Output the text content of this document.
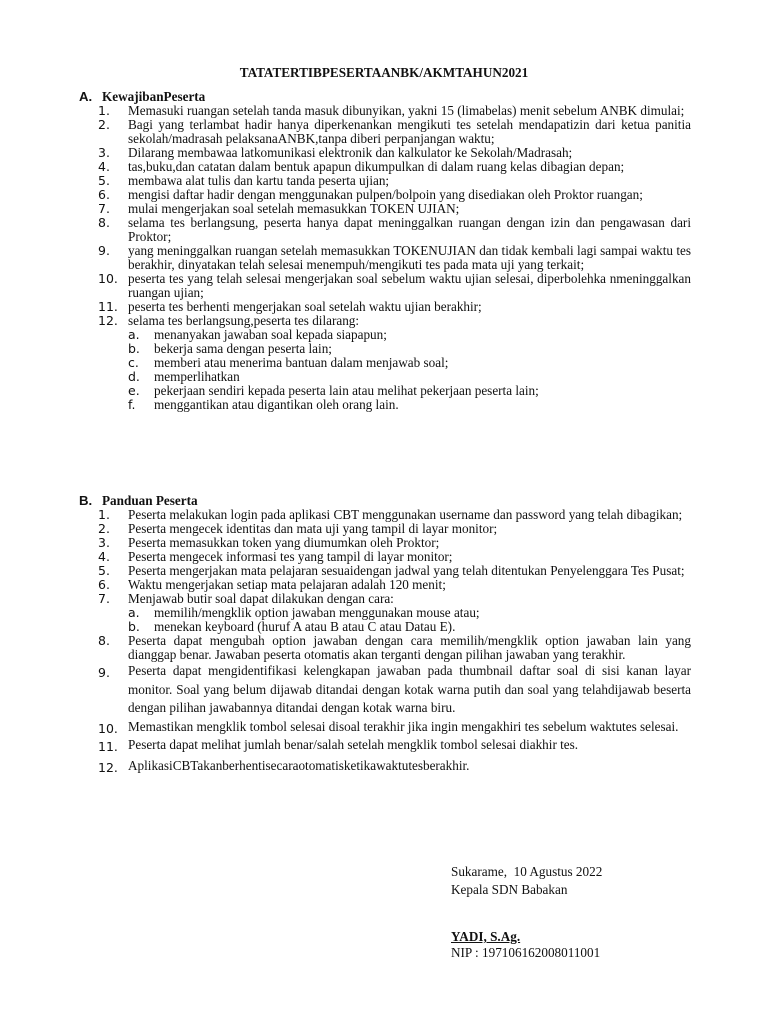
TATATERTIBPESERTAANBK/AKMTAHUN2021
A. KewajibanPeserta
1.	Memasuki ruangan setelah tanda masuk dibunyikan, yakni 15 (limabelas) menit sebelum ANBK dimulai;
2.	Bagi yang terlambat hadir hanya diperkenankan mengikuti tes setelah mendapatizin dari ketua panitia sekolah/madrasah pelaksanaANBK,tanpa diberi perpanjangan waktu;
3.	Dilarang membawaa latkomunikasi elektronik dan kalkulator ke Sekolah/Madrasah;
4.	tas,buku,dan catatan dalam bentuk apapun dikumpulkan di dalam ruang kelas dibagian depan;
5.	membawa alat tulis dan kartu tanda peserta ujian;
6.	mengisi daftar hadir dengan menggunakan pulpen/bolpoin yang disediakan oleh Proktor ruangan;
7.	mulai mengerjakan soal setelah memasukkan TOKEN UJIAN;
8.	selama tes berlangsung, peserta hanya dapat meninggalkan ruangan dengan izin dan pengawasan dari Proktor;
9.	yang meninggalkan ruangan setelah memasukkan TOKENUJIAN dan tidak kembali lagi sampai waktu tes berakhir, dinyatakan telah selesai menempuh/mengikuti tes pada mata uji yang terkait;
10. peserta tes yang telah selesai mengerjakan soal sebelum waktu ujian selesai, diperbolehka nmeninggalkan ruangan ujian;
11. peserta tes berhenti mengerjakan soal setelah waktu ujian berakhir;
12. selama tes berlangsung,peserta tes dilarang:
a.	menanyakan jawaban soal kepada siapapun;
b.	bekerja sama dengan peserta lain;
c.	memberi atau menerima bantuan dalam menjawab soal;
d.	memperlihatkan
e.	pekerjaan sendiri kepada peserta lain atau melihat pekerjaan peserta lain;
f.	menggantikan atau digantikan oleh orang lain.
B. Panduan Peserta
1.	Peserta melakukan login pada aplikasi CBT menggunakan username dan password yang telah dibagikan;
2.	Peserta mengecek identitas dan mata uji yang tampil di layar monitor;
3.	Peserta memasukkan token yang diumumkan oleh Proktor;
4.	Peserta mengecek informasi tes yang tampil di layar monitor;
5.	Peserta mengerjakan mata pelajaran sesuaidengan jadwal yang telah ditentukan Penyelenggara Tes Pusat;
6.	Waktu mengerjakan setiap mata pelajaran adalah 120 menit;
7.	Menjawab butir soal dapat dilakukan dengan cara:
a.	memilih/mengklik option jawaban menggunakan mouse atau;
b.	menekan keyboard (huruf A atau B atau C atau Datau E).
8.	Peserta dapat mengubah option jawaban dengan cara memilih/mengklik option jawaban lain yang dianggap benar. Jawaban peserta otomatis akan terganti dengan pilihan jawaban yang terakhir.
9.	Peserta dapat mengidentifikasi kelengkapan jawaban pada thumbnail daftar soal di sisi kanan layar monitor. Soal yang belum dijawab ditandai dengan kotak warna putih dan soal yang telahdijawab beserta dengan pilihan jawabannya ditandai dengan kotak warna biru.
10. Memastikan mengklik tombol selesai disoal terakhir jika ingin mengakhiri tes sebelum waktutes selesai.
11. Peserta dapat melihat jumlah benar/salah setelah mengklik tombol selesai diakhir tes.
12. AplikasiCBTakanberhentisecaraotomatisketikawaktutesberakhir.
Sukarame,  10 Agustus 2022
Kepala SDN Babakan
YADI, S.Ag.
NIP : 197106162008011001
